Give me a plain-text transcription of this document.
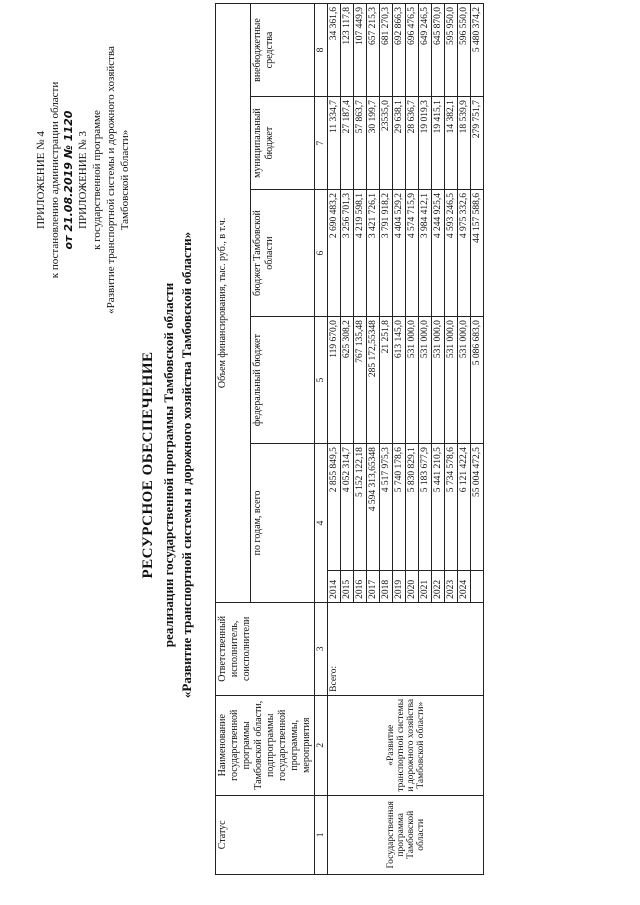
ПРИЛОЖЕНИЕ № 4 к постановлению администрации области от 21.08.2019 № 1120 ПРИЛОЖЕНИЕ № 3 к государственной программе «Развитие транспортной системы и дорожного хозяйства Тамбовской области»
РЕСУРСНОЕ ОБЕСПЕЧЕНИЕ реализации государственной программы Тамбовской области «Развитие транспортной системы и дорожного хозяйства Тамбовской области»
Статус	Наименование государственной программы Тамбовской области, подпрограммы государственной программы, мероприятия	Ответственный исполнитель, соисполнители	Объем финансирования, тыс. руб., в т.ч.					
			по годам, всего		федеральный бюджет	бюджет Тамбовской области	муниципальный бюджет	внебюджетные средства
1	2	3	4		5	6	7	8
Государственная программа Тамбовской области	«Развитие транспортной системы и дорожного хозяйства Тамбовской области»	Всего:	2014	2 855 849,5	119 670,0	2 690 483,2	11 334,7	34 361,6
			2015	4 052 314,7	625 308,2	3 256 701,3	27 187,4	123 117,8
			2016	5 152 122,18	767 135,48	4 219 598,1	57 863,7	107 449,9
			2017	4 594 313,65348	285 172,55348	3 421 726,1	30 199,7	657 215,3
			2018	4 517 975,3	21 251,8	3 791 918,2	23535,0	681 270,3
			2019	5 740 178,6	613 145,0	4 404 529,2	29 638,1	692 866,3
			2020	5 830 829,1	531 000,0	4 574 715,9	28 636,7	696 476,5
			2021	5 183 677,9	531 000,0	3 984 412,1	19 019,3	649 246,5
			2022	5 441 210,5	531 000,0	4 244 925,4	19 415,1	645 870,0
			2023	5 734 578,6	531 000,0	4 593 246,5	14 382,1	595 950,0
			2024	6 121 422,4	531 000,0	4 975 332,6	18 539,9	596 550,0
				55 004 472,5	5 086 683,0	44 157 588,6	279 751,7	5 480 374,2
